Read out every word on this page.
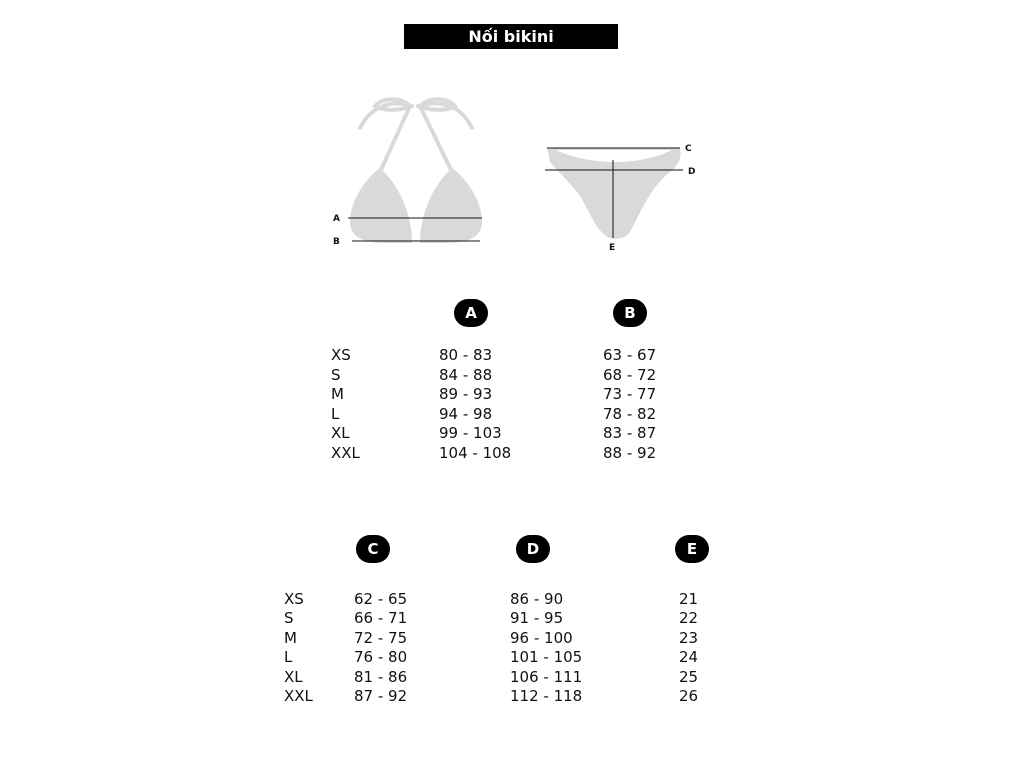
Nối bikini
A
B
C
D
E
A	B
XS	80 - 83	63 - 67
S	84 - 88	68 - 72
M	89 - 93	73 - 77
L	94 - 98	78 - 82
XL	99 - 103	83 - 87
XXL	104 - 108	88 - 92
C	D	E
XS	62 - 65	86 - 90	21
S	66 - 71	91 - 95	22
M	72 - 75	96 - 100	23
L	76 - 80	101 - 105	24
XL	81 - 86	106 - 111	25
XXL	87 - 92	112 - 118	26
